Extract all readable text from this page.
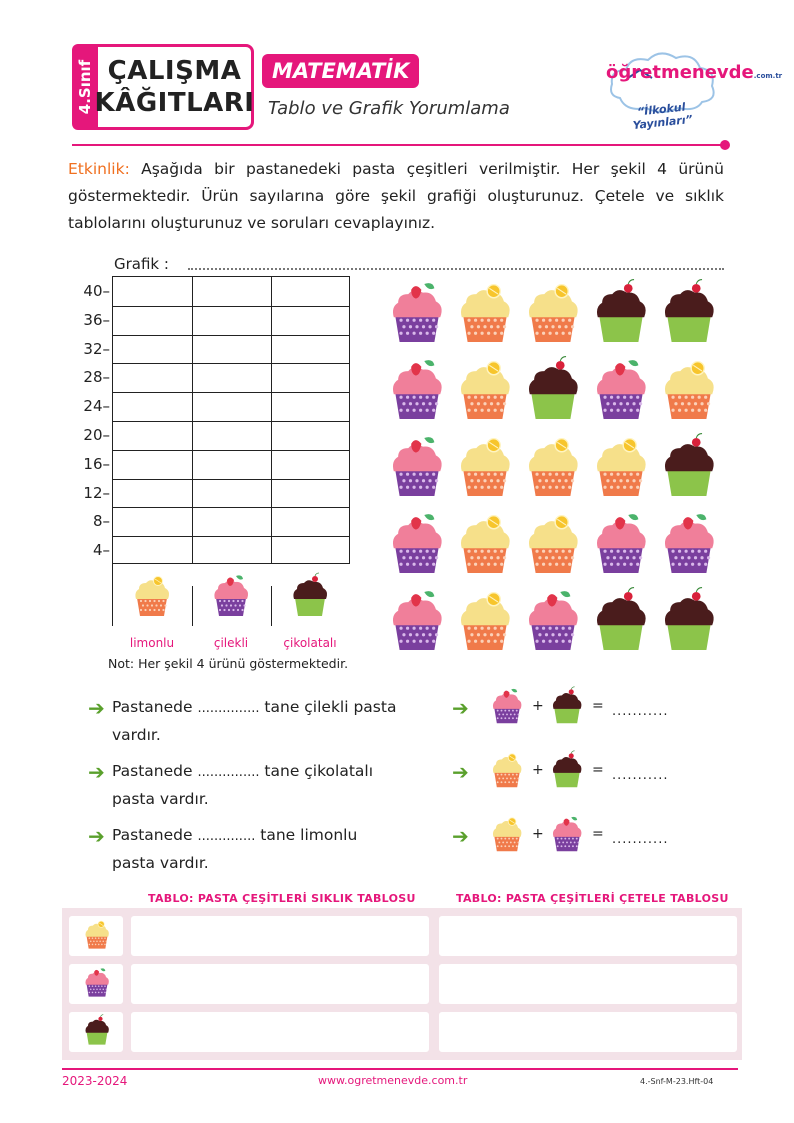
4.Sınıf ÇALIŞMA
KÂĞITLARI
MATEMATİK
Tablo ve Grafik Yorumlama
öğretmenevde.com.tr
“İlkokul Yayınları”

Etkinlik: Aşağıda bir pastanedeki pasta çeşitleri verilmiştir. Her şekil 4 ürünü göstermektedir. Ürün sayılarına göre şekil grafiği oluşturunuz. Çetele ve sıklık tablolarını oluşturunuz ve soruları cevaplayınız.

Grafik :
40–
36–
32–
28–
24–
20–
16–
12–
8–
4–
limonlu	çilekli	çikolatalı
Not: Her şekil 4 ürünü göstermektedir.
➔ Pastanede ............... tane çilekli pasta
vardır.
➔	+	= ...........
➔ Pastanede ............... tane çikolatalı
pasta vardır.
➔	+	= ...........
➔ Pastanede .............. tane limonlu
pasta vardır.
➔	+	= ...........
TABLO: PASTA ÇEŞİTLERİ SIKLIK TABLOSU	TABLO: PASTA ÇEŞİTLERİ ÇETELE TABLOSU
2023-2024	www.ogretmenevde.com.tr	4.-Snf-M-23.Hft-04
